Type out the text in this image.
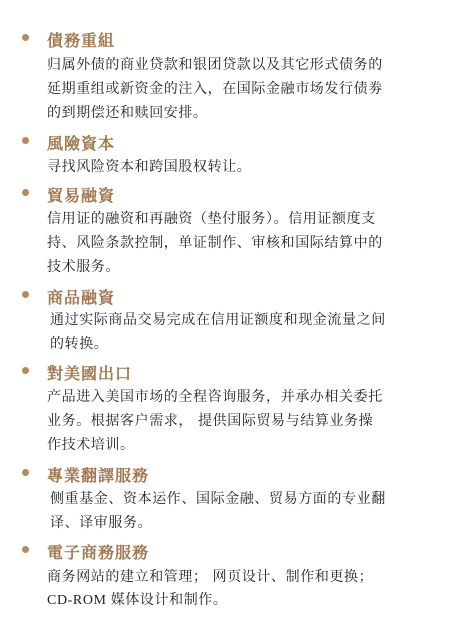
債務重組
归属外债的商业贷款和银团贷款以及其它形式债务的
延期重组或新资金的注入，在国际金融市场发行债劵
的到期偿还和赎回安排。
風險資本
寻找风险资本和跨国股权转让。
貿易融資
信用证的融资和再融资（垫付服务）。信用证额度支
持、风险条款控制，单证制作、审核和国际结算中的
技术服务。
商品融資
通过实际商品交易完成在信用证额度和现金流量之间
的转换。
對美國出口
产品进入美国市场的全程咨询服务，并承办相关委托
业务。根据客户需求， 提供国际贸易与结算业务操
作技术培训。
專業翻譯服務
侧重基金、资本运作、国际金融、贸易方面的专业翻
译、译审服务。
電子商務服務
商务网站的建立和管理； 网页设计、制作和更换；
CD-ROM 媒体设计和制作。
